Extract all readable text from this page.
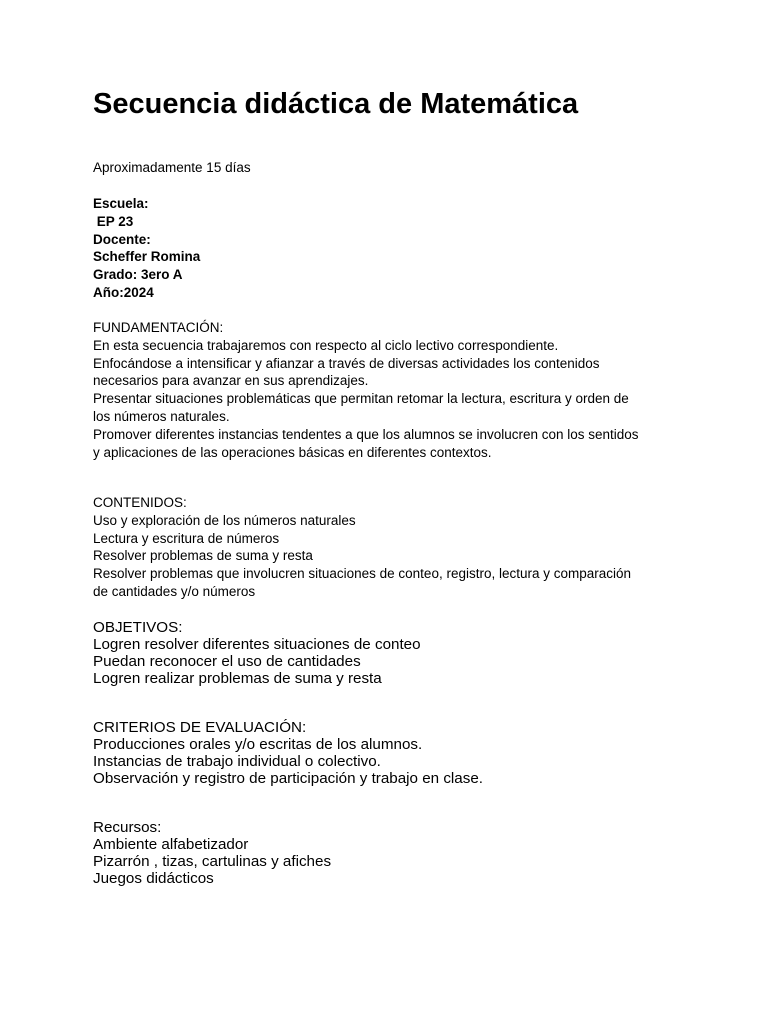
Secuencia didáctica de Matemática
Aproximadamente 15 días
Escuela:
EP 23
Docente:
Scheffer Romina
Grado: 3ero A
Año:2024
FUNDAMENTACIÓN:
En esta secuencia trabajaremos con respecto al ciclo lectivo correspondiente.
Enfocándose a intensificar y afianzar a través de diversas actividades los contenidos
necesarios para avanzar en sus aprendizajes.
Presentar situaciones problemáticas que permitan retomar la lectura, escritura y orden de
los números naturales.
Promover diferentes instancias tendentes a que los alumnos se involucren con los sentidos
y aplicaciones de las operaciones básicas en diferentes contextos.
CONTENIDOS:
Uso y exploración de los números naturales
Lectura y escritura de números
Resolver problemas de suma y resta
Resolver problemas que involucren situaciones de conteo, registro, lectura y comparación
de cantidades y/o números
OBJETIVOS:
Logren resolver diferentes situaciones de conteo
Puedan reconocer el uso de cantidades
Logren realizar problemas de suma y resta
CRITERIOS DE EVALUACIÓN:
Producciones orales y/o escritas de los alumnos.
Instancias de trabajo individual o colectivo.
Observación y registro de participación y trabajo en clase.
Recursos:
Ambiente alfabetizador
Pizarrón , tizas, cartulinas y afiches
Juegos didácticos
